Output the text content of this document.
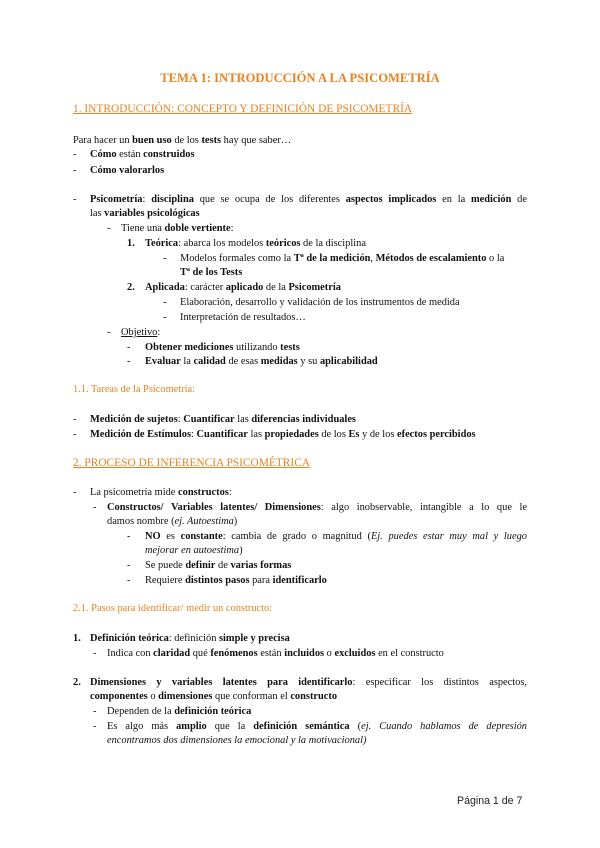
TEMA 1: INTRODUCCIÓN A LA PSICOMETRÍA
1. INTRODUCCIÓN: CONCEPTO Y DEFINICIÓN DE PSICOMETRÍA
Para hacer un buen uso de los tests hay que saber…
- Cómo están construidos
- Cómo valorarlos
- Psicometría: disciplina que se ocupa de los diferentes aspectos implicados en la medición de
las variables psicológicas
- Tiene una doble vertiente:
1. Teórica: abarca los modelos teóricos de la disciplina
- Modelos formales como la Tª de la medición, Métodos de escalamiento o la
Tª de los Tests
2. Aplicada: carácter aplicado de la Psicometría
- Elaboración, desarrollo y validación de los instrumentos de medida
- Interpretación de resultados…
- Objetivo:
- Obtener mediciones utilizando tests
- Evaluar la calidad de esas medidas y su aplicabilidad
1.1. Tareas de la Psicometría:
- Medición de sujetos: Cuantificar las diferencias individuales
- Medición de Estímulos: Cuantificar las propiedades de los Es y de los efectos percibidos
2. PROCESO DE INFERENCIA PSICOMÉTRICA
- La psicometría mide constructos:
- Constructos/ Variables latentes/ Dimensiones: algo inobservable, intangible a lo que le
damos nombre (ej. Autoestima)
- NO es constante: cambia de grado o magnitud (Ej. puedes estar muy mal y luego
mejorar en autoestima)
- Se puede definir de varias formas
- Requiere distintos pasos para identificarlo
2.1. Pasos para identificar/ medir un constructo:
1. Definición teórica: definición simple y precisa
- Indica con claridad qué fenómenos están incluidos o excluidos en el constructo
2. Dimensiones y variables latentes para identificarlo: especificar los distintos aspectos,
componentes o dimensiones que conforman el constructo
- Dependen de la definición teórica
- Es algo más amplio que la definición semántica (ej. Cuando hablamos de depresión
encontramos dos dimensiones la emocional y la motivacional)
Página 1 de 7
